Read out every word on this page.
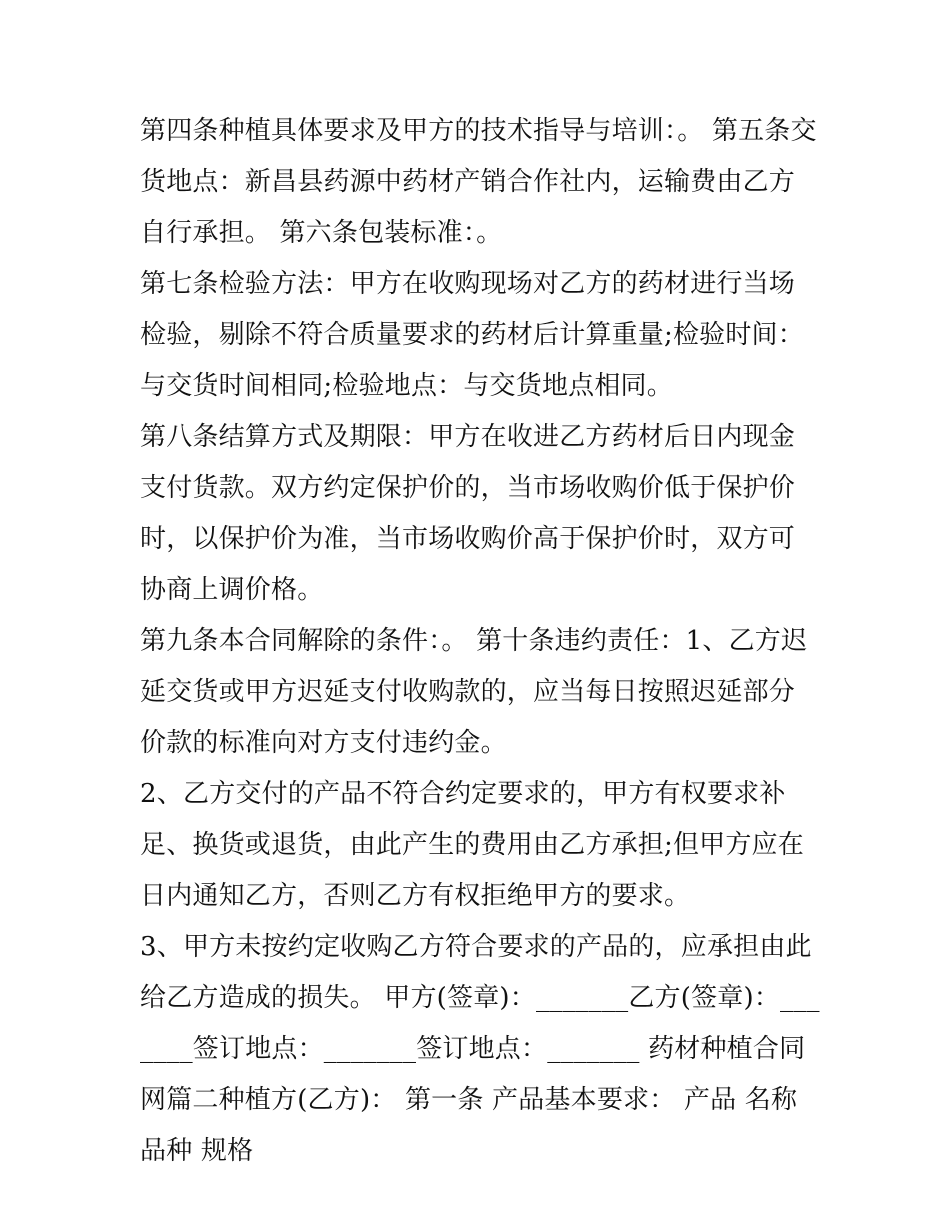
第四条种植具体要求及甲方的技术指导与培训：。 第五条交货地点：新昌县药源中药材产销合作社内，运输费由乙方自行承担。 第六条包装标准：。

第七条检验方法：甲方在收购现场对乙方的药材进行当场检验，剔除不符合质量要求的药材后计算重量;检验时间：与交货时间相同;检验地点：与交货地点相同。

第八条结算方式及期限：甲方在收进乙方药材后日内现金支付货款。双方约定保护价的，当市场收购价低于保护价时，以保护价为准，当市场收购价高于保护价时，双方可协商上调价格。

第九条本合同解除的条件：。 第十条违约责任：1、乙方迟延交货或甲方迟延支付收购款的，应当每日按照迟延部分价款的标准向对方支付违约金。

2、乙方交付的产品不符合约定要求的，甲方有权要求补足、换货或退货，由此产生的费用由乙方承担;但甲方应在日内通知乙方，否则乙方有权拒绝甲方的要求。

3、甲方未按约定收购乙方符合要求的产品的，应承担由此给乙方造成的损失。 甲方(签章)：_______乙方(签章)：_______签订地点：_______签订地点：_______ 药材种植合同网篇二种植方(乙方)： 第一条 产品基本要求： 产品 名称 品种 规格
